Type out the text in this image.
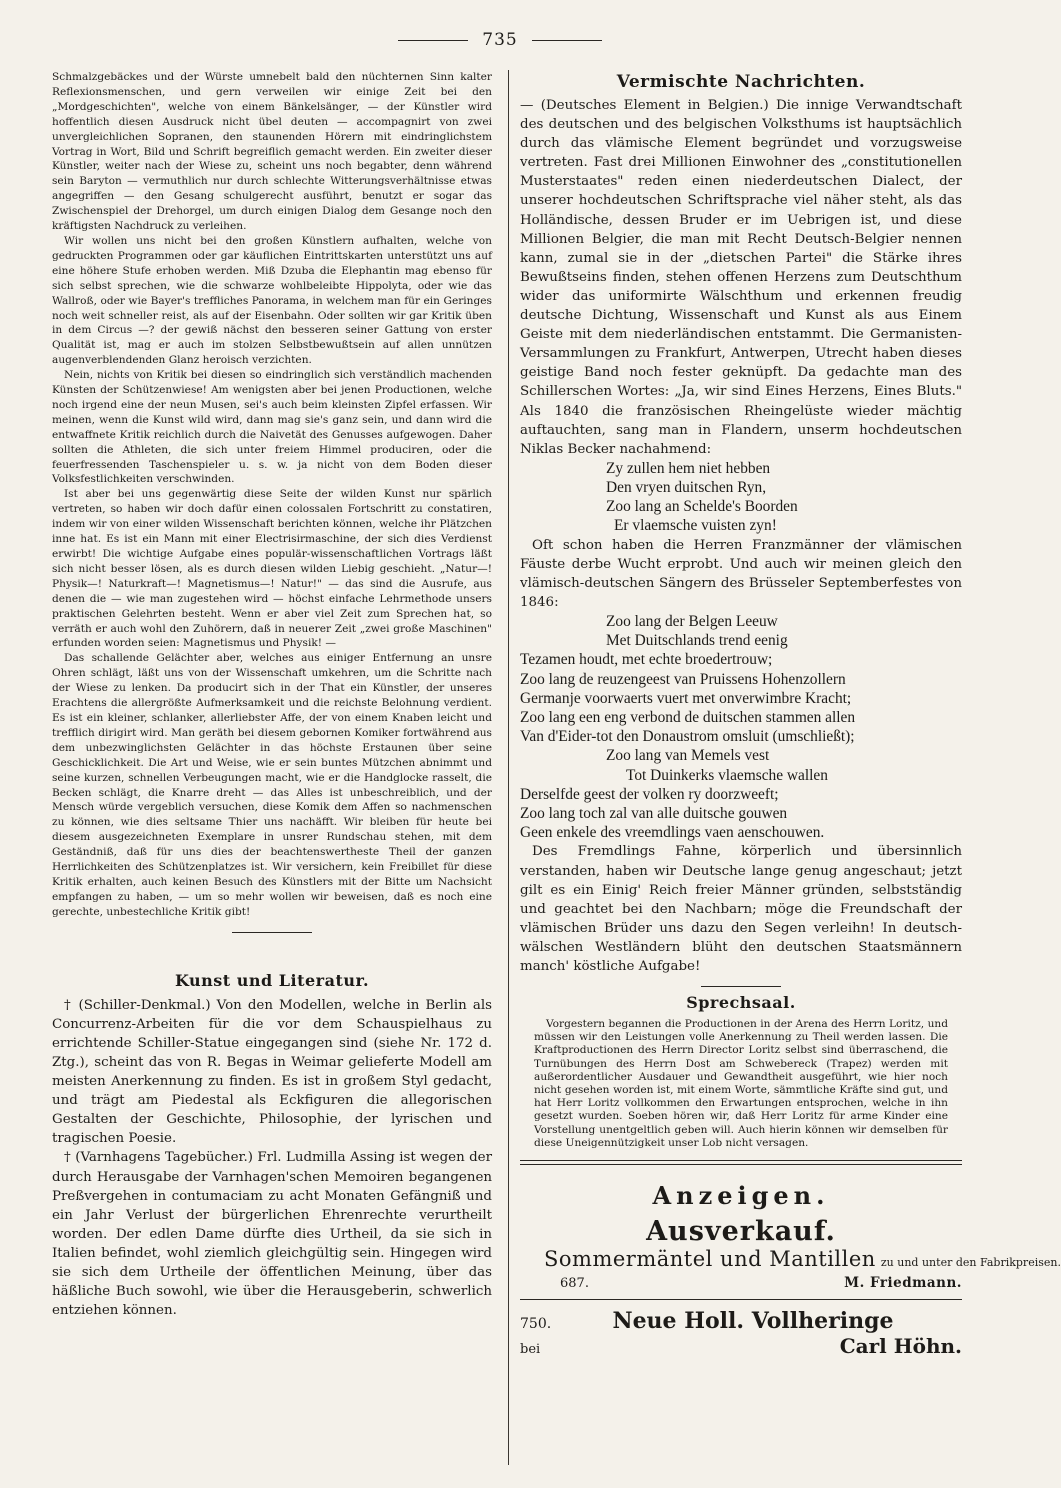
735

Schmalzgebäckes und der Würste umnebelt bald den nüchternen Sinn kalter Reflexionsmenschen, und gern verweilen wir einige Zeit bei den „Mordgeschichten", welche von einem Bänkelsänger, — der Künstler wird hoffentlich diesen Ausdruck nicht übel deuten — accompagnirt von zwei unvergleichlichen Sopranen, den staunenden Hörern mit eindringlichstem Vortrag in Wort, Bild und Schrift begreiflich gemacht werden. Ein zweiter dieser Künstler, weiter nach der Wiese zu, scheint uns noch begabter, denn während sein Baryton — vermuthlich nur durch schlechte Witterungsverhältnisse etwas angegriffen — den Gesang schulgerecht ausführt, benutzt er sogar das Zwischenspiel der Drehorgel, um durch einigen Dialog dem Gesange noch den kräftigsten Nachdruck zu verleihen.

Wir wollen uns nicht bei den großen Künstlern aufhalten, welche von gedruckten Programmen oder gar käuflichen Eintrittskarten unterstützt uns auf eine höhere Stufe erhoben werden. Miß Dzuba die Elephantin mag ebenso für sich selbst sprechen, wie die schwarze wohlbeleibte Hippolyta, oder wie das Wallroß, oder wie Bayer's treffliches Panorama, in welchem man für ein Geringes noch weit schneller reist, als auf der Eisenbahn. Oder sollten wir gar Kritik üben in dem Circus —? der gewiß nächst den besseren seiner Gattung von erster Qualität ist, mag er auch im stolzen Selbstbewußtsein auf allen unnützen augenverblendenden Glanz heroisch verzichten.

Nein, nichts von Kritik bei diesen so eindringlich sich verständlich machenden Künsten der Schützenwiese! Am wenigsten aber bei jenen Productionen, welche noch irgend eine der neun Musen, sei's auch beim kleinsten Zipfel erfassen. Wir meinen, wenn die Kunst wild wird, dann mag sie's ganz sein, und dann wird die entwaffnete Kritik reichlich durch die Naivetät des Genusses aufgewogen. Daher sollten die Athleten, die sich unter freiem Himmel produciren, oder die feuerfressenden Taschenspieler u. s. w. ja nicht von dem Boden dieser Volksfestlichkeiten verschwinden.

Ist aber bei uns gegenwärtig diese Seite der wilden Kunst nur spärlich vertreten, so haben wir doch dafür einen colossalen Fortschritt zu constatiren, indem wir von einer wilden Wissenschaft berichten können, welche ihr Plätzchen inne hat. Es ist ein Mann mit einer Electrisirmaschine, der sich dies Verdienst erwirbt! Die wichtige Aufgabe eines populär-wissenschaftlichen Vortrags läßt sich nicht besser lösen, als es durch diesen wilden Liebig geschieht. „Natur—! Physik—! Naturkraft—! Magnetismus—! Natur!" — das sind die Ausrufe, aus denen die — wie man zugestehen wird — höchst einfache Lehrmethode unsers praktischen Gelehrten besteht. Wenn er aber viel Zeit zum Sprechen hat, so verräth er auch wohl den Zuhörern, daß in neuerer Zeit „zwei große Maschinen" erfunden worden seien: Magnetismus und Physik! —

Das schallende Gelächter aber, welches aus einiger Entfernung an unsre Ohren schlägt, läßt uns von der Wissenschaft umkehren, um die Schritte nach der Wiese zu lenken. Da producirt sich in der That ein Künstler, der unseres Erachtens die allergrößte Aufmerksamkeit und die reichste Belohnung verdient. Es ist ein kleiner, schlanker, allerliebster Affe, der von einem Knaben leicht und trefflich dirigirt wird. Man geräth bei diesem gebornen Komiker fortwährend aus dem unbezwinglichsten Gelächter in das höchste Erstaunen über seine Geschicklichkeit. Die Art und Weise, wie er sein buntes Mützchen abnimmt und seine kurzen, schnellen Verbeugungen macht, wie er die Handglocke rasselt, die Becken schlägt, die Knarre dreht — das Alles ist unbeschreiblich, und der Mensch würde vergeblich versuchen, diese Komik dem Affen so nachmenschen zu können, wie dies seltsame Thier uns nachäfft. Wir bleiben für heute bei diesem ausgezeichneten Exemplare in unsrer Rundschau stehen, mit dem Geständniß, daß für uns dies der beachtenswertheste Theil der ganzen Herrlichkeiten des Schützenplatzes ist. Wir versichern, kein Freibillet für diese Kritik erhalten, auch keinen Besuch des Künstlers mit der Bitte um Nachsicht empfangen zu haben, — um so mehr wollen wir beweisen, daß es noch eine gerechte, unbestechliche Kritik gibt!

Kunst und Literatur.

† (Schiller-Denkmal.) Von den Modellen, welche in Berlin als Concurrenz-Arbeiten für die vor dem Schauspielhaus zu errichtende Schiller-Statue eingegangen sind (siehe Nr. 172 d. Ztg.), scheint das von R. Begas in Weimar gelieferte Modell am meisten Anerkennung zu finden. Es ist in großem Styl gedacht, und trägt am Piedestal als Eckfiguren die allegorischen Gestalten der Geschichte, Philosophie, der lyrischen und tragischen Poesie.

† (Varnhagens Tagebücher.) Frl. Ludmilla Assing ist wegen der durch Herausgabe der Varnhagen'schen Memoiren begangenen Preßvergehen in contumaciam zu acht Monaten Gefängniß und ein Jahr Verlust der bürgerlichen Ehrenrechte verurtheilt worden. Der edlen Dame dürfte dies Urtheil, da sie sich in Italien befindet, wohl ziemlich gleichgültig sein. Hingegen wird sie sich dem Urtheile der öffentlichen Meinung, über das häßliche Buch sowohl, wie über die Herausgeberin, schwerlich entziehen können.

Vermischte Nachrichten.

— (Deutsches Element in Belgien.) Die innige Verwandtschaft des deutschen und des belgischen Volksthums ist hauptsächlich durch das vlämische Element begründet und vorzugsweise vertreten. Fast drei Millionen Einwohner des „constitutionellen Musterstaates" reden einen niederdeutschen Dialect, der unserer hochdeutschen Schriftsprache viel näher steht, als das Holländische, dessen Bruder er im Uebrigen ist, und diese Millionen Belgier, die man mit Recht Deutsch-Belgier nennen kann, zumal sie in der „dietschen Partei" die Stärke ihres Bewußtseins finden, stehen offenen Herzens zum Deutschthum wider das uniformirte Wälschthum und erkennen freudig deutsche Dichtung, Wissenschaft und Kunst als aus Einem Geiste mit dem niederländischen entstammt. Die Germanisten-Versammlungen zu Frankfurt, Antwerpen, Utrecht haben dieses geistige Band noch fester geknüpft. Da gedachte man des Schillerschen Wortes: „Ja, wir sind Eines Herzens, Eines Bluts." Als 1840 die französischen Rheingelüste wieder mächtig auftauchten, sang man in Flandern, unserm hochdeutschen Niklas Becker nachahmend:

Zy zullen hem niet hebben
Den vryen duitschen Ryn,
Zoo lang an Schelde's Boorden
Er vlaemsche vuisten zyn!

Oft schon haben die Herren Franzmänner der vlämischen Fäuste derbe Wucht erprobt. Und auch wir meinen gleich den vlämisch-deutschen Sängern des Brüsseler Septemberfestes von 1846:

Zoo lang der Belgen Leeuw
Met Duitschlands trend eenig
Tezamen houdt, met echte broedertrouw;
Zoo lang de reuzengeest van Pruissens Hohenzollern
Germanje voorwaerts vuert met onverwimbre Kracht;
Zoo lang een eng verbond de duitschen stammen allen
Van d'Eider-tot den Donaustrom omsluit (umschließt);
Zoo lang van Memels vest
Tot Duinkerks vlaemsche wallen
Derselfde geest der volken ry doorzweeft;
Zoo lang toch zal van alle duitsche gouwen
Geen enkele des vreemdlings vaen aenschouwen.

Des Fremdlings Fahne, körperlich und übersinnlich verstanden, haben wir Deutsche lange genug angeschaut; jetzt gilt es ein Einig' Reich freier Männer gründen, selbstständig und geachtet bei den Nachbarn; möge die Freundschaft der vlämischen Brüder uns dazu den Segen verleihn! In deutsch-wälschen Westländern blüht den deutschen Staatsmännern manch' köstliche Aufgabe!

Sprechsaal.

Vorgestern begannen die Productionen in der Arena des Herrn Loritz, und müssen wir den Leistungen volle Anerkennung zu Theil werden lassen. Die Kraftproductionen des Herrn Director Loritz selbst sind überraschend, die Turnübungen des Herrn Dost am Schwebereck (Trapez) werden mit außerordentlicher Ausdauer und Gewandtheit ausgeführt, wie hier noch nicht gesehen worden ist, mit einem Worte, sämmtliche Kräfte sind gut, und hat Herr Loritz vollkommen den Erwartungen entsprochen, welche in ihn gesetzt wurden. Soeben hören wir, daß Herr Loritz für arme Kinder eine Vorstellung unentgeltlich geben will. Auch hierin können wir demselben für diese Uneigennützigkeit unser Lob nicht versagen.

Anzeigen.

Ausverkauf.

Sommermäntel und Mantillen zu und unter den Fabrikpreisen.

687.	M. Friedmann.

750.	Neue Holl. Vollheringe

bei	Carl Höhn.
